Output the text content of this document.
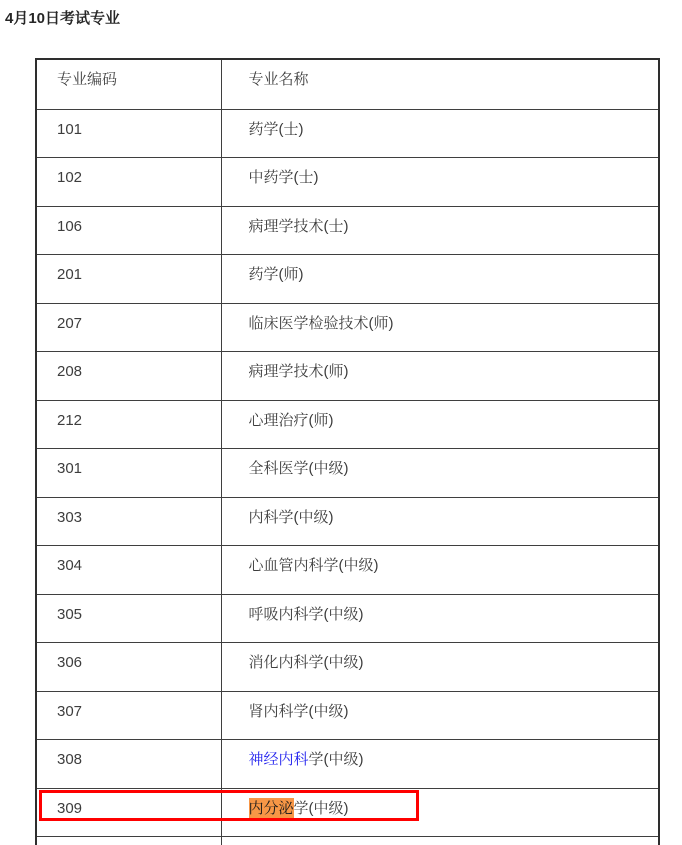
4月10日考试专业
专业编码	专业名称
101	药学(士)
102	中药学(士)
106	病理学技术(士)
201	药学(师)
207	临床医学检验技术(师)
208	病理学技术(师)
212	心理治疗(师)
301	全科医学(中级)
303	内科学(中级)
304	心血管内科学(中级)
305	呼吸内科学(中级)
306	消化内科学(中级)
307	肾内科学(中级)
308	神经内科学(中级)
309	内分泌学(中级)
